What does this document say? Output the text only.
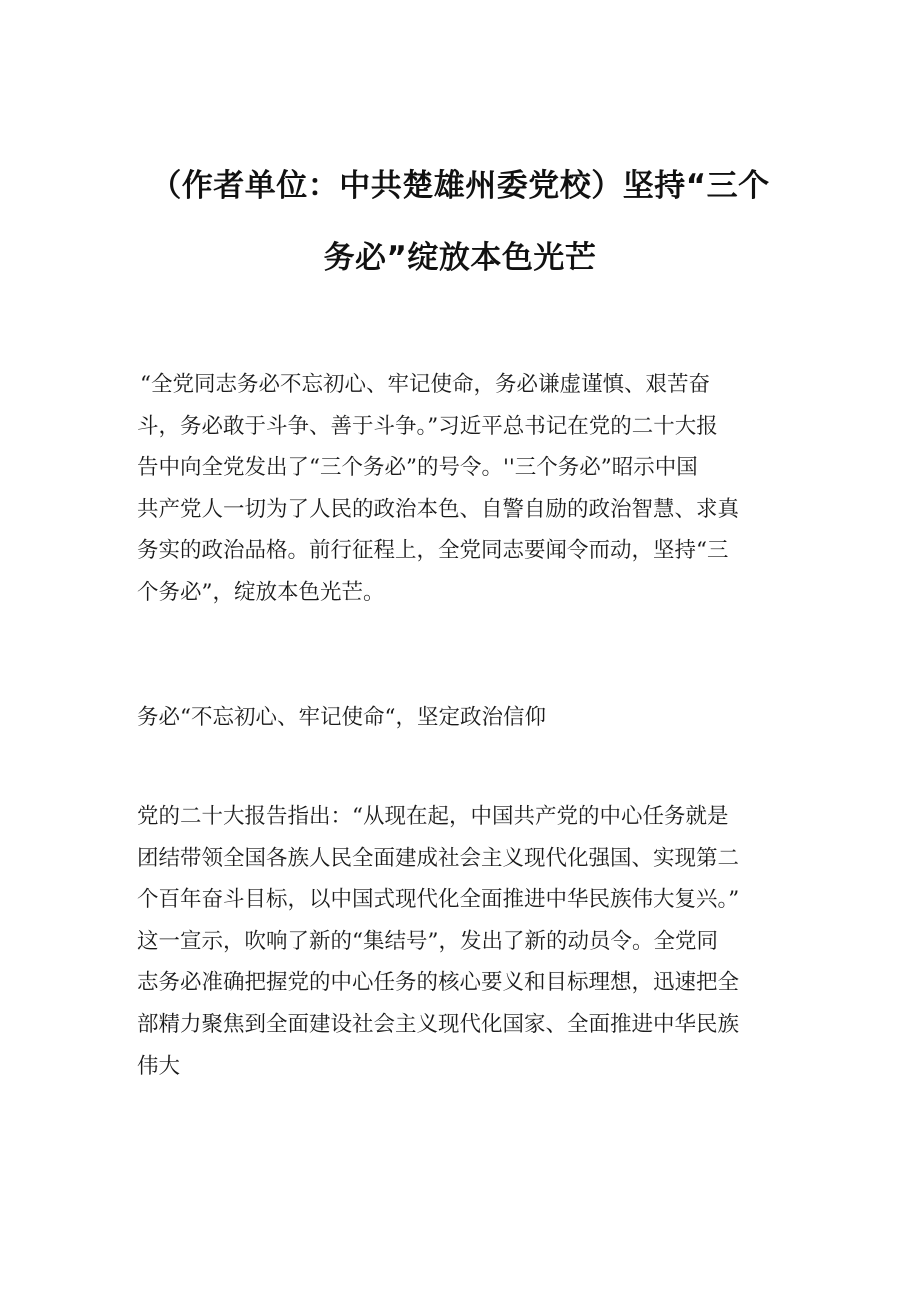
（作者单位：中共楚雄州委党校）坚持“三个
务必”绽放本色光芒
“全党同志务必不忘初心、牢记使命，务必谦虚谨慎、艰苦奋
斗，务必敢于斗争、善于斗争。”习近平总书记在党的二十大报
告中向全党发出了“三个务必”的号令。''三个务必”昭示中国
共产党人一切为了人民的政治本色、自警自励的政治智慧、求真
务实的政治品格。前行征程上，全党同志要闻令而动，坚持“三
个务必”，绽放本色光芒。
务必“不忘初心、牢记使命“，坚定政治信仰
党的二十大报告指出：“从现在起，中国共产党的中心任务就是
团结带领全国各族人民全面建成社会主义现代化强国、实现第二
个百年奋斗目标，以中国式现代化全面推进中华民族伟大复兴。”
这一宣示，吹响了新的“集结号”，发出了新的动员令。全党同
志务必准确把握党的中心任务的核心要义和目标理想，迅速把全
部精力聚焦到全面建设社会主义现代化国家、全面推进中华民族
伟大
